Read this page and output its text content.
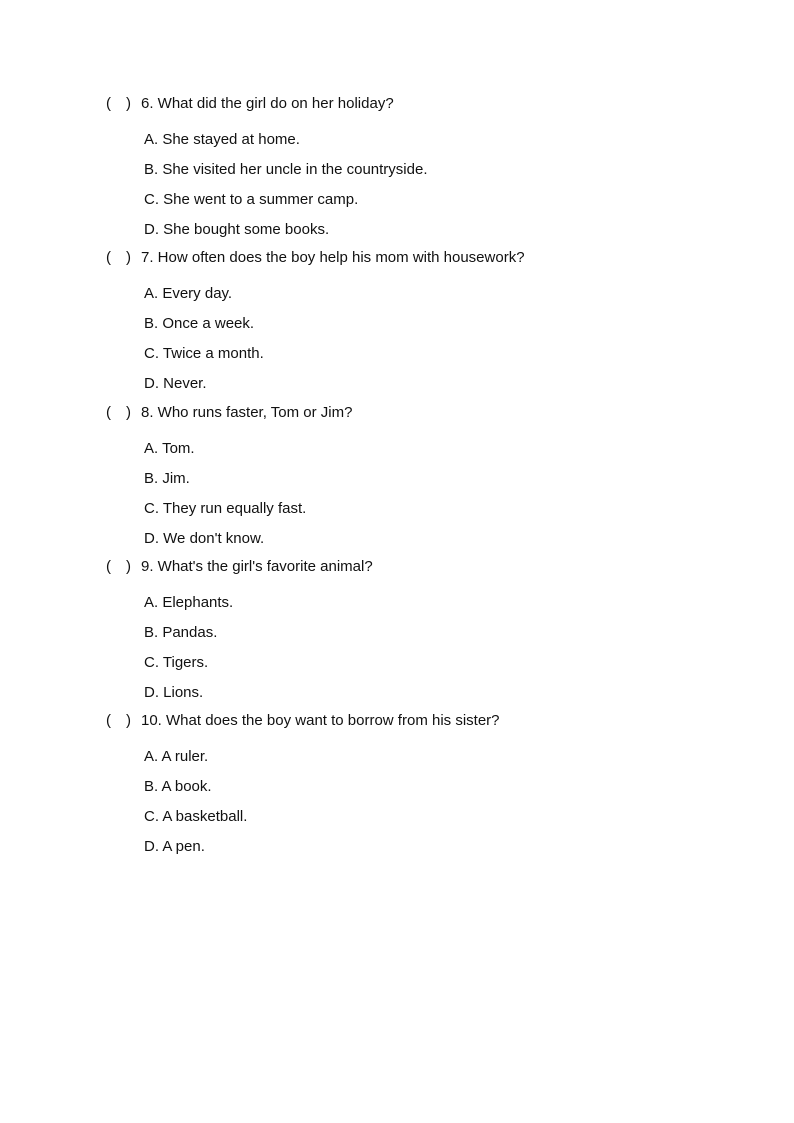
( ) 6. What did the girl do on her holiday?
A. She stayed at home.
B. She visited her uncle in the countryside.
C. She went to a summer camp.
D. She bought some books.
( ) 7. How often does the boy help his mom with housework?
A. Every day.
B. Once a week.
C. Twice a month.
D. Never.
( ) 8. Who runs faster, Tom or Jim?
A. Tom.
B. Jim.
C. They run equally fast.
D. We don't know.
( ) 9. What's the girl's favorite animal?
A. Elephants.
B. Pandas.
C. Tigers.
D. Lions.
( ) 10. What does the boy want to borrow from his sister?
A. A ruler.
B. A book.
C. A basketball.
D. A pen.
